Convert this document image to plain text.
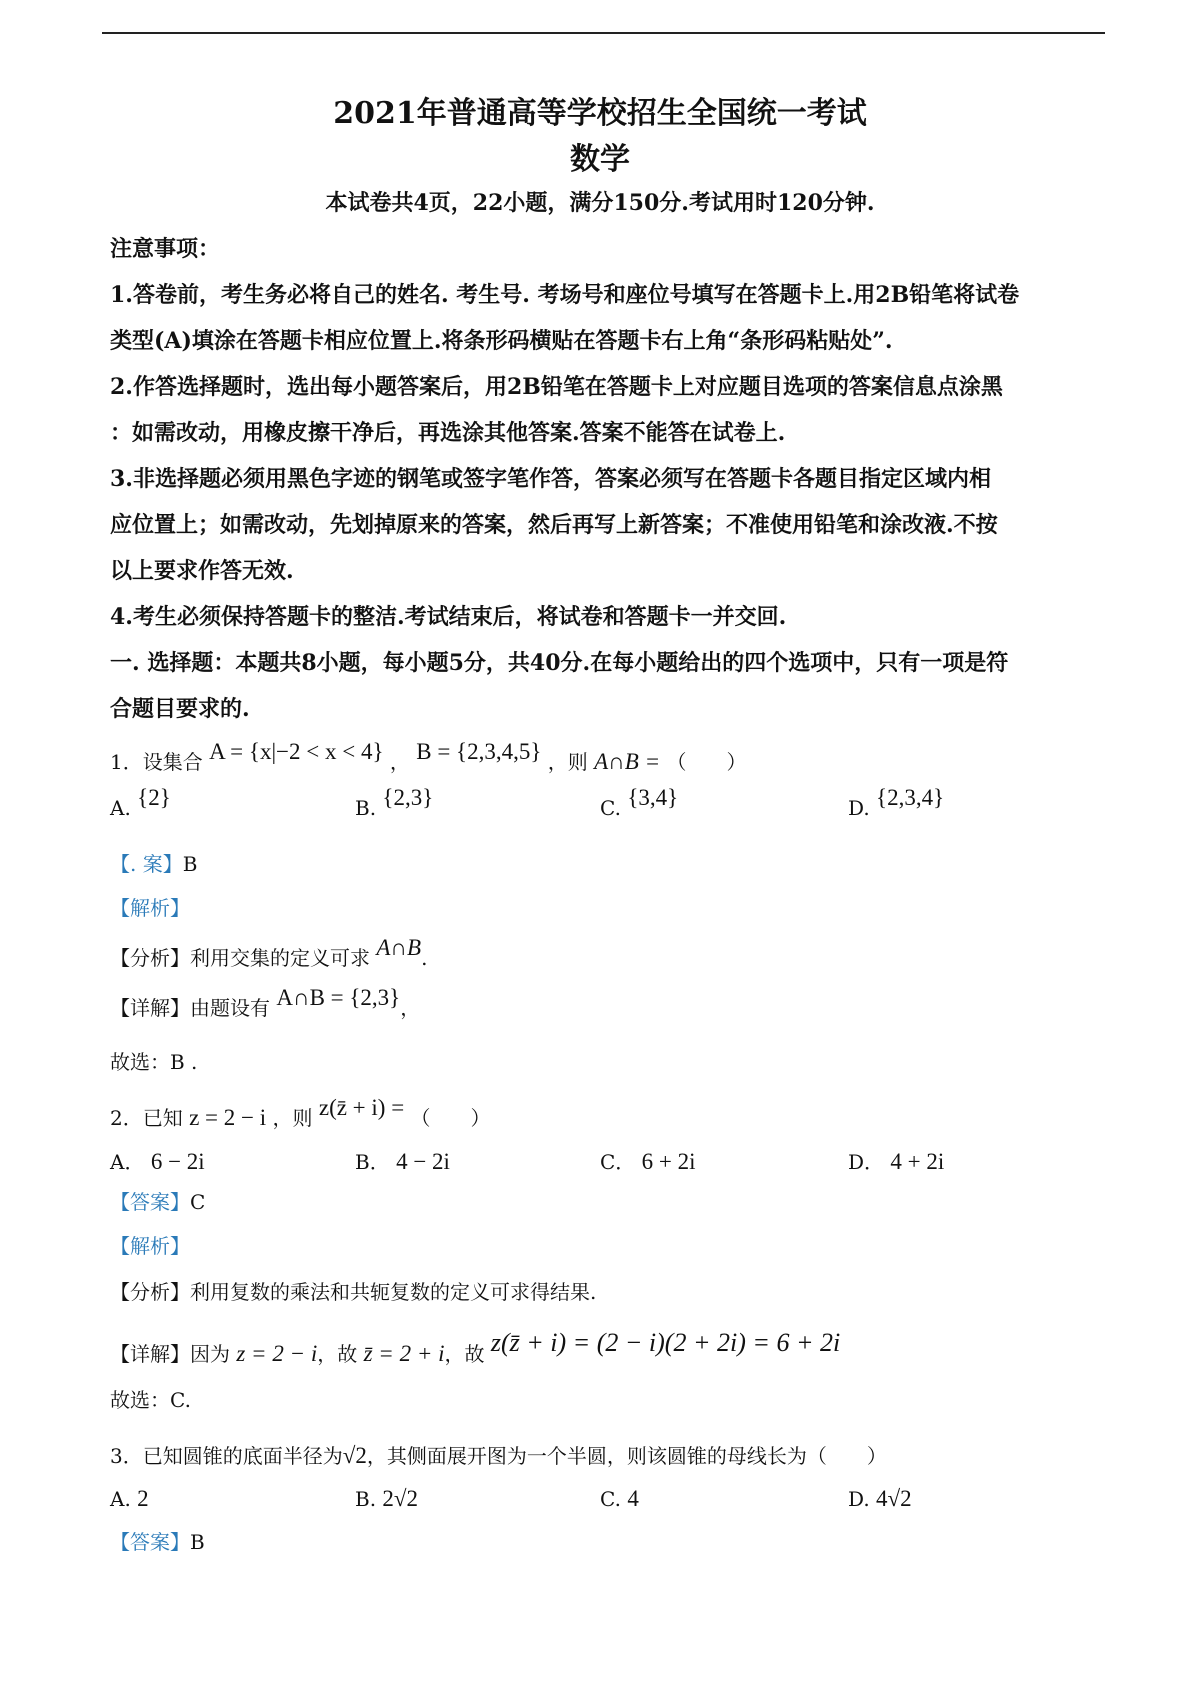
2021年普通高等学校招生全国统一考试
数学
本试卷共4页，22小题，满分150分.考试用时120分钟.
注意事项：
1.答卷前，考生务必将自己的姓名. 考生号. 考场号和座位号填写在答题卡上.用2B铅笔将试卷
类型(A)填涂在答题卡相应位置上.将条形码横贴在答题卡右上角“条形码粘贴处”.
2.作答选择题时，选出每小题答案后，用2B铅笔在答题卡上对应题目选项的答案信息点涂黑
：如需改动，用橡皮擦干净后，再选涂其他答案.答案不能答在试卷上.
3.非选择题必须用黑色字迹的钢笔或签字笔作答，答案必须写在答题卡各题目指定区域内相
应位置上；如需改动，先划掉原来的答案，然后再写上新答案；不准使用铅笔和涂改液.不按
以上要求作答无效.
4.考生必须保持答题卡的整洁.考试结束后，将试卷和答题卡一并交回.
一. 选择题：本题共8小题，每小题5分，共40分.在每小题给出的四个选项中，只有一项是符
合题目要求的.
1．设集合 A = {x|−2 < x < 4} ， B = {2,3,4,5} ，则 A∩B = （　　）
A. {2}	B. {2,3}	C. {3,4}	D. {2,3,4}
【. 案】B
【解析】
【分析】利用交集的定义可求 A∩B.
【详解】由题设有 A∩B = {2,3}，
故选：B .
2．已知 z = 2 − i ，则 z(z̄ + i) = （　　）
A． 6 − 2i	B． 4 − 2i	C． 6 + 2i	D． 4 + 2i
【答案】C
【解析】
【分析】利用复数的乘法和共轭复数的定义可求得结果.
【详解】因为 z = 2 − i，故 z̄ = 2 + i，故 z(z̄ + i) = (2 − i)(2 + 2i) = 6 + 2i
故选：C.
3．已知圆锥的底面半径为√2，其侧面展开图为一个半圆，则该圆锥的母线长为（　　）
A. 2	B. 2√2	C. 4	D. 4√2
【答案】B
